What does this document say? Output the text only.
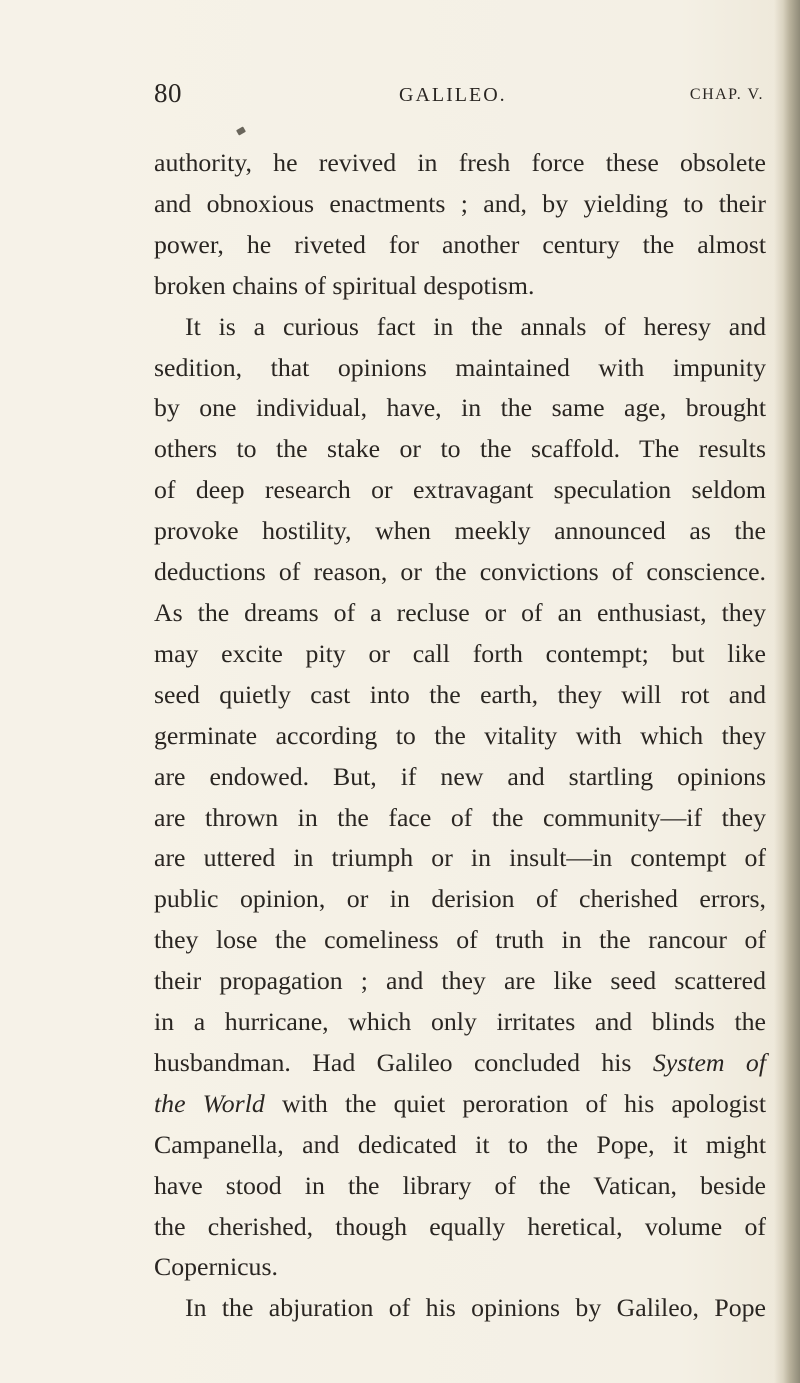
80	GALILEO.	CHAP. V.
authority, he revived in fresh force these obsolete
and obnoxious enactments ; and, by yielding to their
power, he riveted for another century the almost
broken chains of spiritual despotism.
It is a curious fact in the annals of heresy and
sedition, that opinions maintained with impunity
by one individual, have, in the same age, brought
others to the stake or to the scaffold. The results
of deep research or extravagant speculation seldom
provoke hostility, when meekly announced as the
deductions of reason, or the convictions of conscience.
As the dreams of a recluse or of an enthusiast, they
may excite pity or call forth contempt; but like
seed quietly cast into the earth, they will rot and
germinate according to the vitality with which they
are endowed. But, if new and startling opinions
are thrown in the face of the community—if they
are uttered in triumph or in insult—in contempt of
public opinion, or in derision of cherished errors,
they lose the comeliness of truth in the rancour of
their propagation ; and they are like seed scattered
in a hurricane, which only irritates and blinds the
husbandman. Had Galileo concluded his System of
the World with the quiet peroration of his apologist
Campanella, and dedicated it to the Pope, it might
have stood in the library of the Vatican, beside
the cherished, though equally heretical, volume of
Copernicus.
In the abjuration of his opinions by Galileo, Pope
